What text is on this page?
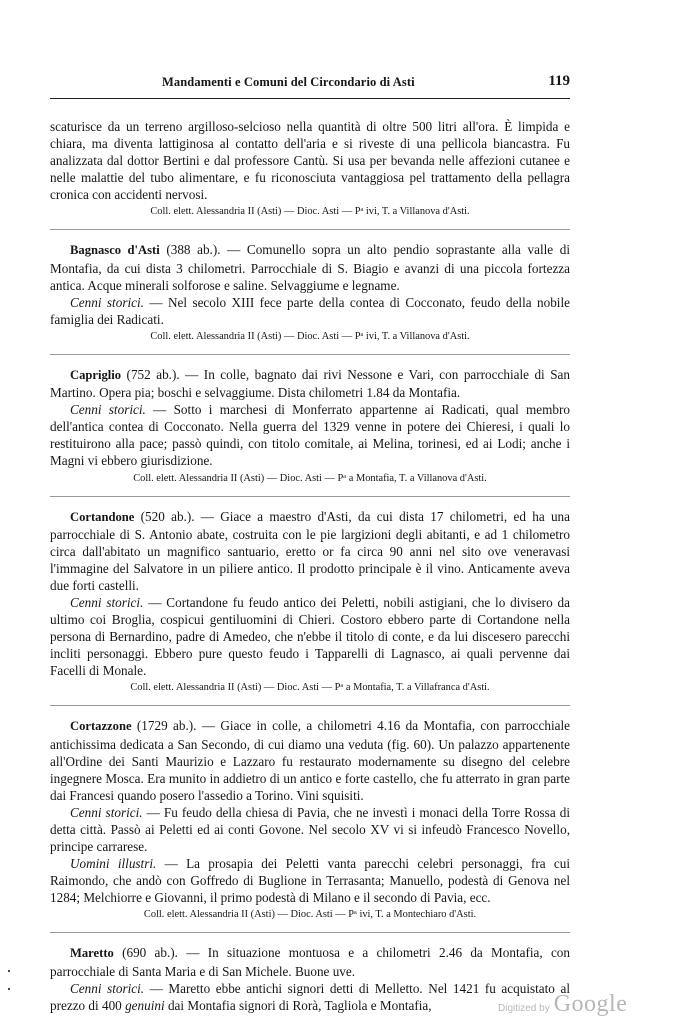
Mandamenti e Comuni del Circondario di Asti	119

scaturisce da un terreno argilloso-selcioso nella quantità di oltre 500 litri all'ora. È limpida e chiara, ma diventa lattiginosa al contatto dell'aria e si riveste di una pellicola biancastra. Fu analizzata dal dottor Bertini e dal professore Cantù. Si usa per bevanda nelle affezioni cutanee e nelle malattie del tubo alimentare, e fu riconosciuta vantaggiosa pel trattamento della pellagra cronica con accidenti nervosi.

Coll. elett. Alessandria II (Asti) — Dioc. Asti — Pᵃ ivi, T. a Villanova d'Asti.

Bagnasco d'Asti (388 ab.). — Comunello sopra un alto pendio soprastante alla valle di Montafia, da cui dista 3 chilometri. Parrocchiale di S. Biagio e avanzi di una piccola fortezza antica. Acque minerali solforose e saline. Selvaggiume e legname.

Cenni storici. — Nel secolo XIII fece parte della contea di Cocconato, feudo della nobile famiglia dei Radicati.

Coll. elett. Alessandria II (Asti) — Dioc. Asti — Pᵃ ivi, T. a Villanova d'Asti.

Capriglio (752 ab.). — In colle, bagnato dai rivi Nessone e Vari, con parrocchiale di San Martino. Opera pia; boschi e selvaggiume. Dista chilometri 1.84 da Montafia.

Cenni storici. — Sotto i marchesi di Monferrato appartenne ai Radicati, qual membro dell'antica contea di Cocconato. Nella guerra del 1329 venne in potere dei Chieresi, i quali lo restituirono alla pace; passò quindi, con titolo comitale, ai Melina, torinesi, ed ai Lodi; anche i Magni vi ebbero giurisdizione.

Coll. elett. Alessandria II (Asti) — Dioc. Asti — Pᵃ a Montafia, T. a Villanova d'Asti.

Cortandone (520 ab.). — Giace a maestro d'Asti, da cui dista 17 chilometri, ed ha una parrocchiale di S. Antonio abate, costruita con le pie largizioni degli abitanti, e ad 1 chilometro circa dall'abitato un magnifico santuario, eretto or fa circa 90 anni nel sito ove veneravasi l'immagine del Salvatore in un piliere antico. Il prodotto principale è il vino. Anticamente aveva due forti castelli.

Cenni storici. — Cortandone fu feudo antico dei Peletti, nobili astigiani, che lo divisero da ultimo coi Broglia, cospicui gentiluomini di Chieri. Costoro ebbero parte di Cortandone nella persona di Bernardino, padre di Amedeo, che n'ebbe il titolo di conte, e da lui discesero parecchi incliti personaggi. Ebbero pure questo feudo i Tapparelli di Lagnasco, ai quali pervenne dai Facelli di Monale.

Coll. elett. Alessandria II (Asti) — Dioc. Asti — Pᵃ a Montafia, T. a Villafranca d'Asti.

Cortazzone (1729 ab.). — Giace in colle, a chilometri 4.16 da Montafia, con parrocchiale antichissima dedicata a San Secondo, di cui diamo una veduta (fig. 60). Un palazzo appartenente all'Ordine dei Santi Maurizio e Lazzaro fu restaurato modernamente su disegno del celebre ingegnere Mosca. Era munito in addietro di un antico e forte castello, che fu atterrato in gran parte dai Francesi quando posero l'assedio a Torino. Vini squisiti.

Cenni storici. — Fu feudo della chiesa di Pavia, che ne investì i monaci della Torre Rossa di detta città. Passò ai Peletti ed ai conti Govone. Nel secolo XV vi si infeudò Francesco Novello, principe carrarese.

Uomini illustri. — La prosapia dei Peletti vanta parecchi celebri personaggi, fra cui Raimondo, che andò con Goffredo di Buglione in Terrasanta; Manuello, podestà di Genova nel 1284; Melchiorre e Giovanni, il primo podestà di Milano e il secondo di Pavia, ecc.

Coll. elett. Alessandria II (Asti) — Dioc. Asti — Pᵃ ivi, T. a Montechiaro d'Asti.

Maretto (690 ab.). — In situazione montuosa e a chilometri 2.46 da Montafia, con parrocchiale di Santa Maria e di San Michele. Buone uve.

Cenni storici. — Maretto ebbe antichi signori detti di Melletto. Nel 1421 fu acquistato al prezzo di 400 genuini dai Montafia signori di Rorà, Tagliola e Montafia,	Digitized by Google
